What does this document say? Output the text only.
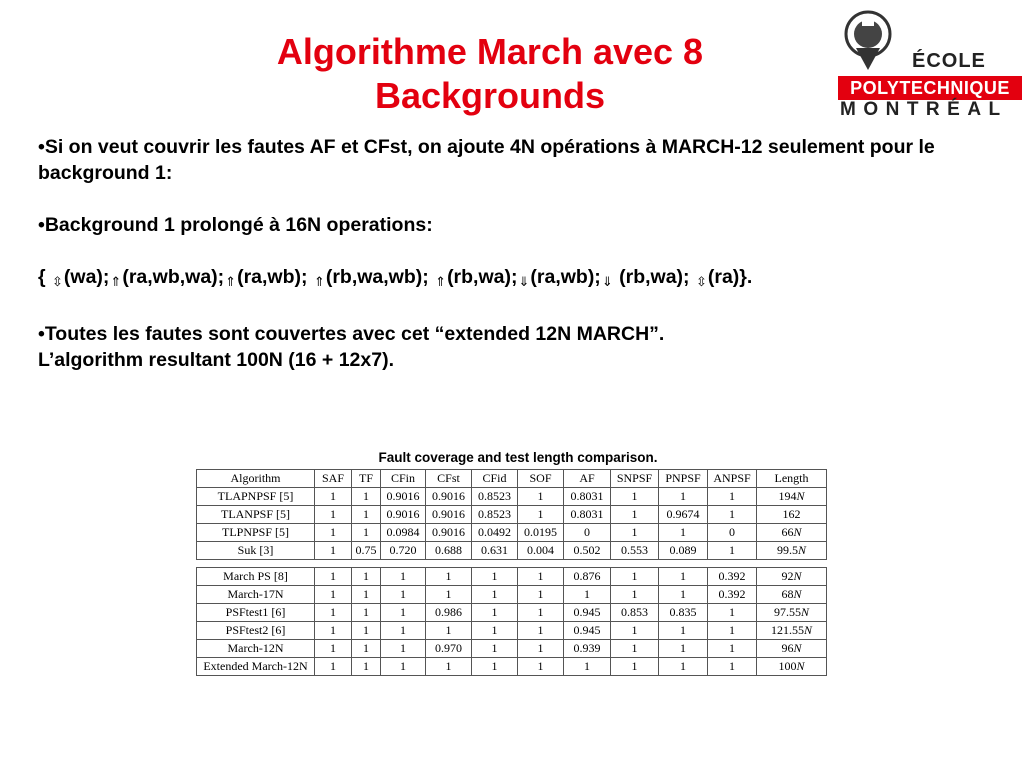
Algorithme March avec 8
Backgrounds
ÉCOLE
POLYTECHNIQUE
MONTRÉAL

•Si on veut couvrir les fautes AF et CFst, on ajoute 4N opérations à MARCH-12 seulement pour le background 1:

•Background 1 prolongé à 16N operations:

{ ⇳(wa);⇑(ra,wb,wa);⇑(ra,wb); ⇑(rb,wa,wb); ⇑(rb,wa);⇓(ra,wb);⇓ (rb,wa); ⇳(ra)}.

•Toutes les fautes sont couvertes avec cet “extended 12N MARCH”.

L’algorithm resultant 100N (16 + 12x7).

Fault coverage and test length comparison.
Algorithm	SAF	TF	CFin	CFst	CFid	SOF	AF	SNPSF	PNPSF	ANPSF	Length
TLAPNPSF [5]	1	1	0.9016	0.9016	0.8523	1	0.8031	1	1	1	194N
TLANPSF [5]	1	1	0.9016	0.9016	0.8523	1	0.8031	1	0.9674	1	162
TLPNPSF [5]	1	1	0.0984	0.9016	0.0492	0.0195	0	1	1	0	66N
Suk [3]	1	0.75	0.720	0.688	0.631	0.004	0.502	0.553	0.089	1	99.5N
March PS [8]	1	1	1	1	1	1	0.876	1	1	0.392	92N
March-17N	1	1	1	1	1	1	1	1	1	0.392	68N
PSFtest1 [6]	1	1	1	0.986	1	1	0.945	0.853	0.835	1	97.55N
PSFtest2 [6]	1	1	1	1	1	1	0.945	1	1	1	121.55N
March-12N	1	1	1	0.970	1	1	0.939	1	1	1	96N
Extended March-12N	1	1	1	1	1	1	1	1	1	1	100N
